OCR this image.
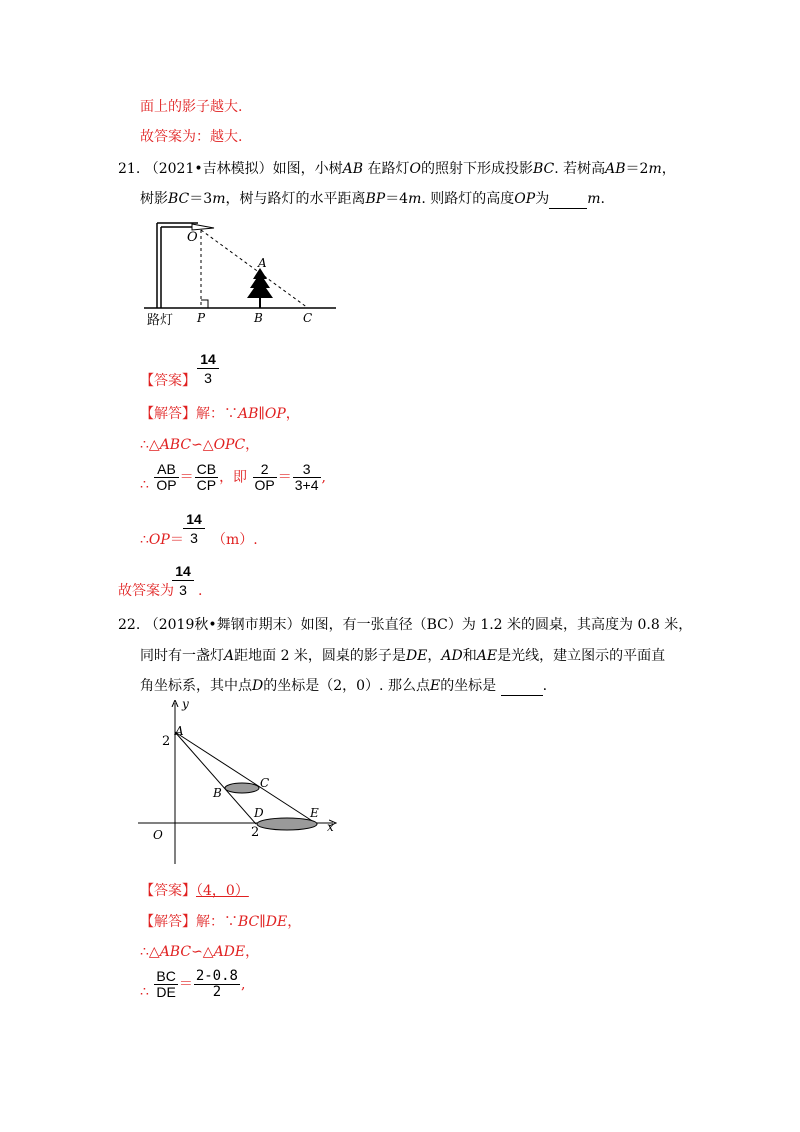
面上的影子越大.
故答案为：越大.
21. （2021•吉林模拟）如图，小树AB 在路灯O的照射下形成投影BC. 若树高AB＝2m，
树影BC＝3m，树与路灯的水平距离BP＝4m. 则路灯的高度OP为	m.
O
A
P	B	C
路灯
【答案】 $\frac{14}{3}$
【解答】解：∵AB∥OP，
∴△ABC∽△OPC，
∴ $\frac{AB}{OP} = \frac{CB}{CP}$ ，即 $\frac{2}{OP} = \frac{3}{3+4}$ ,
∴OP＝ $\frac{14}{3} (m)$.
故答案为
$\frac{14}{3}$ .
22. （2019秋•舞钢市期末）如图，有一张直径（BC）为 1.2 米的圆桌，其高度为 0.8 米，
同时有一盏灯A距地面 2 米，圆桌的影子是DE，AD和AE是光线，建立图示的平面直
角坐标系，其中点D的坐标是（2，0）. 那么点E的坐标是	.
y
x
A
2
B
C
D
2
E
O
【答案】（4，0）
【解答】解：∵BC∥DE，
∴△ABC∽△ADE，
∴ $\frac{BC}{DE} = \frac{2-0.8}{2}$ ,
